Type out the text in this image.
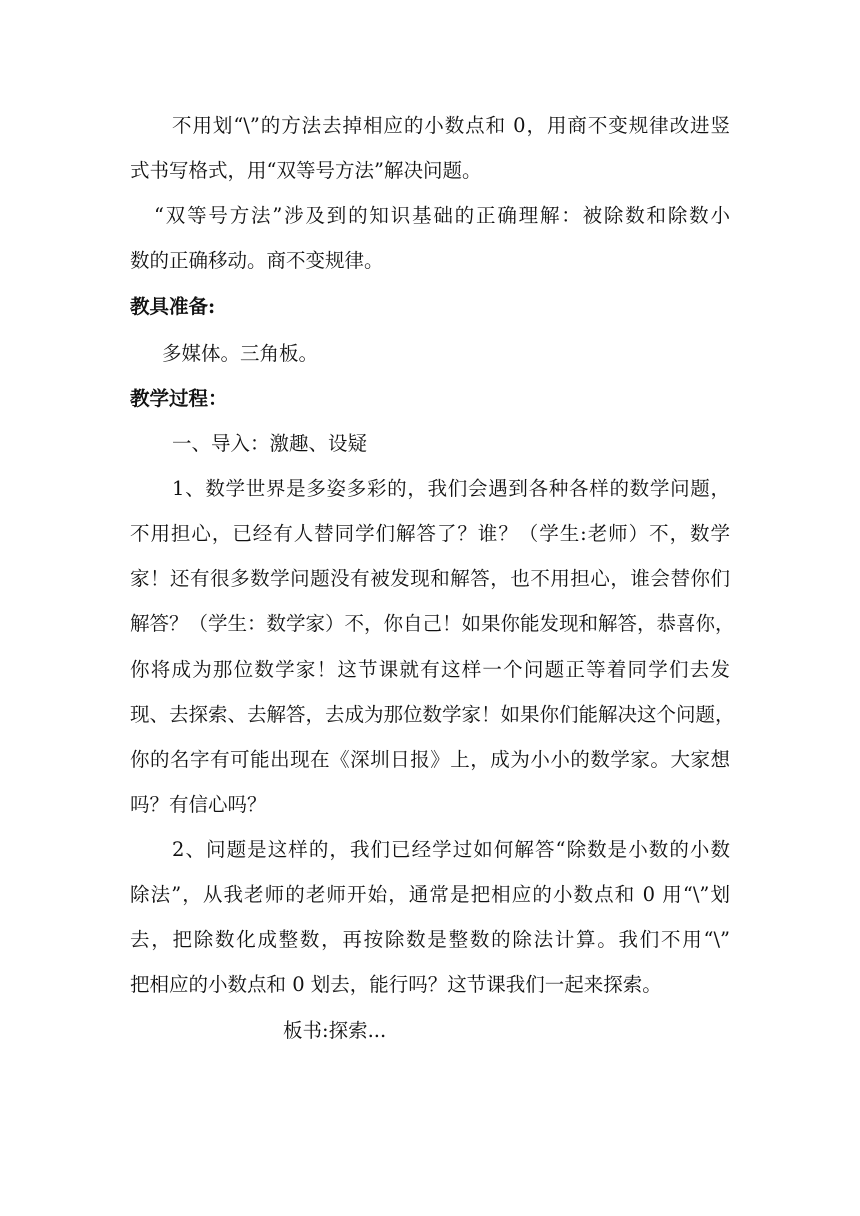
不用划“\”的方法去掉相应的小数点和 0，用商不变规律改进竖
式书写格式，用“双等号方法”解决问题。
“双等号方法”涉及到的知识基础的正确理解：被除数和除数小
数的正确移动。商不变规律。
教具准备:
多媒体。三角板。
教学过程：
一、导入：激趣、设疑
1、数学世界是多姿多彩的，我们会遇到各种各样的数学问题，
不用担心，已经有人替同学们解答了？谁？（学生:老师）不，数学
家！还有很多数学问题没有被发现和解答，也不用担心，谁会替你们
解答？（学生：数学家）不，你自己！如果你能发现和解答，恭喜你，
你将成为那位数学家！这节课就有这样一个问题正等着同学们去发
现、去探索、去解答，去成为那位数学家！如果你们能解决这个问题，
你的名字有可能出现在《深圳日报》上，成为小小的数学家。大家想
吗？有信心吗？
2、问题是这样的，我们已经学过如何解答“除数是小数的小数
除法”，从我老师的老师开始，通常是把相应的小数点和 0 用“\”划
去，把除数化成整数，再按除数是整数的除法计算。我们不用“\”
把相应的小数点和 0 划去，能行吗？这节课我们一起来探索。
板书:探索...
